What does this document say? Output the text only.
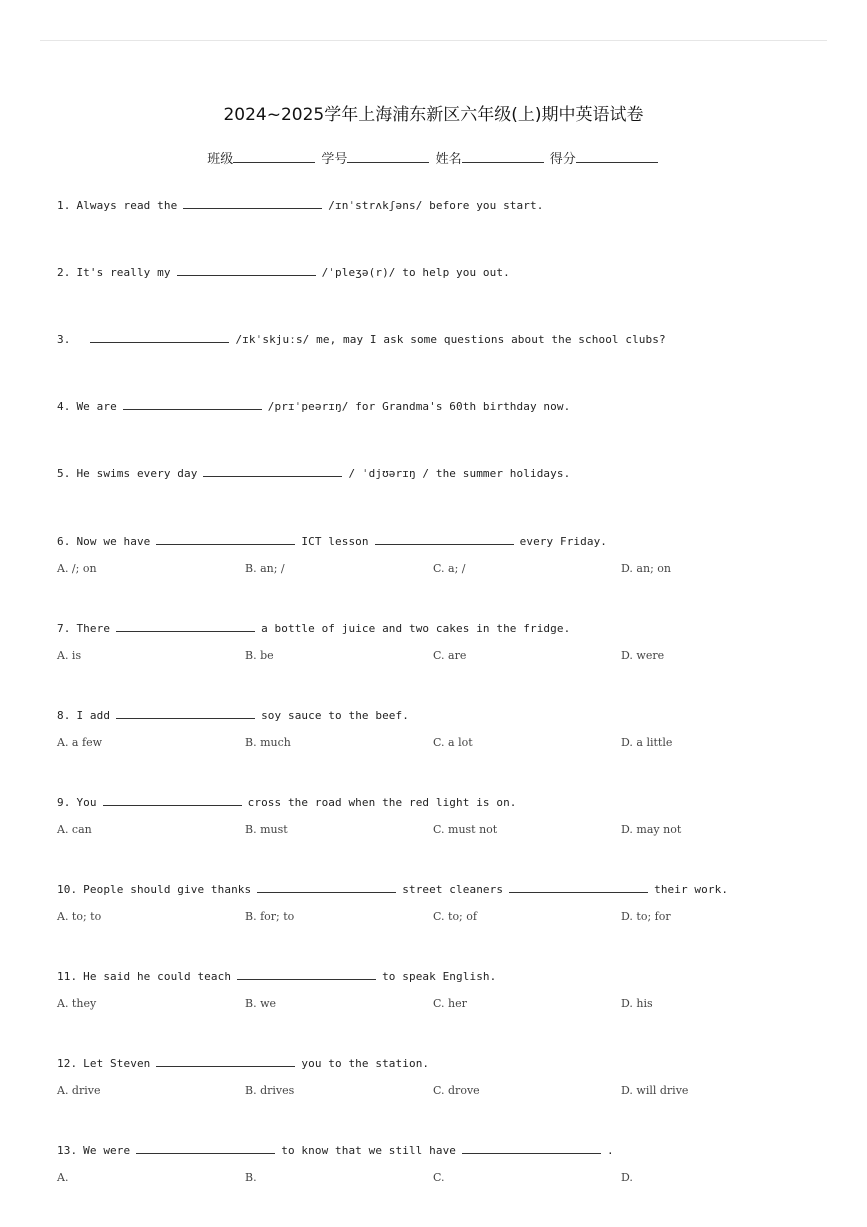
2024~2025学年上海浦东新区六年级(上)期中英语试卷
班级	学号	姓名	得分
1. Always read the	/ɪnˈstrʌkʃəns/ before you start.
2. It's really my	/ˈpleʒə(r)/ to help you out.
3.	/ɪkˈskjuːs/ me, may I ask some questions about the school clubs?
4. We are	/prɪˈpeərɪŋ/ for Grandma's 60th birthday now.
5. He swims every day	/ ˈdjʊərɪŋ / the summer holidays.
6. Now we have	ICT lesson	every Friday.
A. /; on	B. an; /	C. a; /	D. an; on
7. There	a bottle of juice and two cakes in the fridge.
A. is	B. be	C. are	D. were
8. I add	soy sauce to the beef.
A. a few	B. much	C. a lot	D. a little
9. You	cross the road when the red light is on.
A. can	B. must	C. must not	D. may not
10. People should give thanks	street cleaners	their work.
A. to; to	B. for; to	C. to; of	D. to; for
11. He said he could teach	to speak English.
A. they	B. we	C. her	D. his
12. Let Steven	you to the station.
A. drive	B. drives	C. drove	D. will drive
13. We were	to know that we still have	.
A.	B.	C.	D.
